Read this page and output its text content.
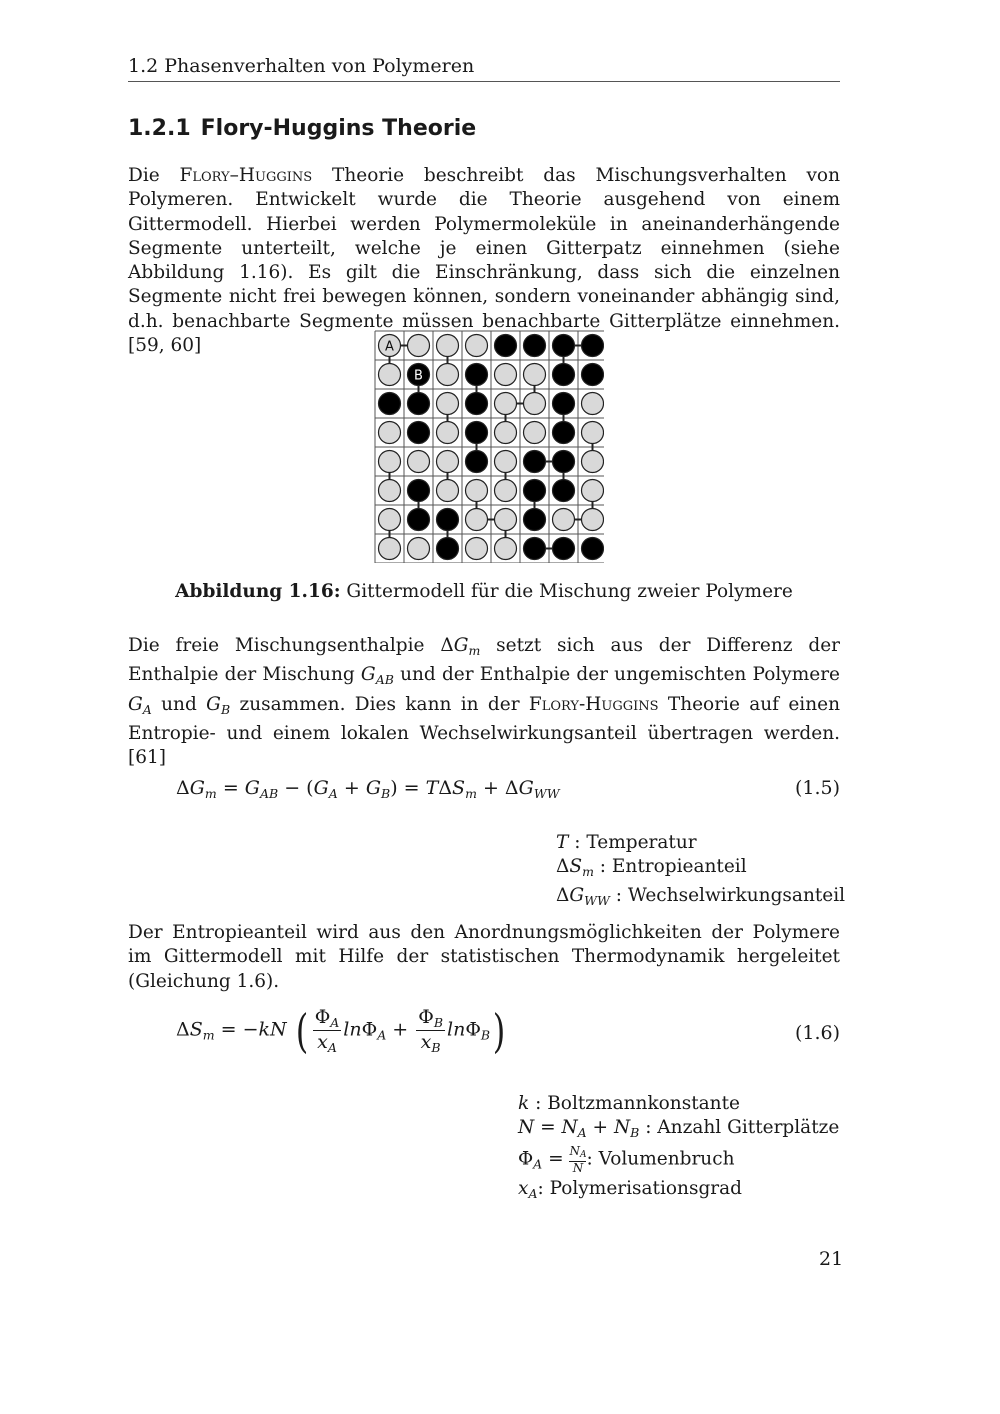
1.2 Phasenverhalten von Polymeren
1.2.1 Flory-Huggins Theorie

Die Flory–Huggins Theorie beschreibt das Mischungsverhalten von Polymeren. Entwickelt wurde die Theorie ausgehend von einem Gittermodell. Hierbei werden Polymermoleküle in aneinanderhängende Segmente unterteilt, welche je einen Gitterpatz einnehmen (siehe Abbildung 1.16). Es gilt die Einschränkung, dass sich die einzelnen Segmente nicht frei bewegen können, sondern voneinander abhängig sind, d.h. benachbarte Segmente müssen benachbarte Gitterplätze einnehmen. [59, 60]	A
B
Abbildung 1.16: Gittermodell für die Mischung zweier Polymere

Die freie Mischungsenthalpie $\Delta G_m$ setzt sich aus der Differenz der Enthalpie der Mischung $G_{AB}$ und der Enthalpie der ungemischten Polymere $G_A$ und $G_B$ zusammen. Dies kann in der Flory-Huggins Theorie auf einen Entropie- und einem lokalen Wechselwirkungsanteil übertragen werden.[61]

$\Delta G_m = G_{AB} - (G_A + G_B) = T\Delta S_m + \Delta G_{WW}$	(1.5)
T : Temperatur
$\Delta S_m$ : Entropieanteil
$\Delta G_{WW}$ : Wechselwirkungsanteil

Der Entropieanteil wird aus den Anordnungsmöglichkeiten der Polymere im Gittermodell mit Hilfe der statistischen Thermodynamik hergeleitet (Gleichung 1.6).

$\Delta S_m = -kN$ ( $\frac{\Phi_A}{x_A} \ln\Phi_A + \frac{\Phi_B}{x_B} \ln\Phi_B$)	(1.6)
k : Boltzmannkonstante
$N = N_A + N_B$ : Anzahl Gitterplätze
$\Phi_A = \frac{N_A}{N}$: Volumenbruch
$x_A$: Polymerisationsgrad
21
